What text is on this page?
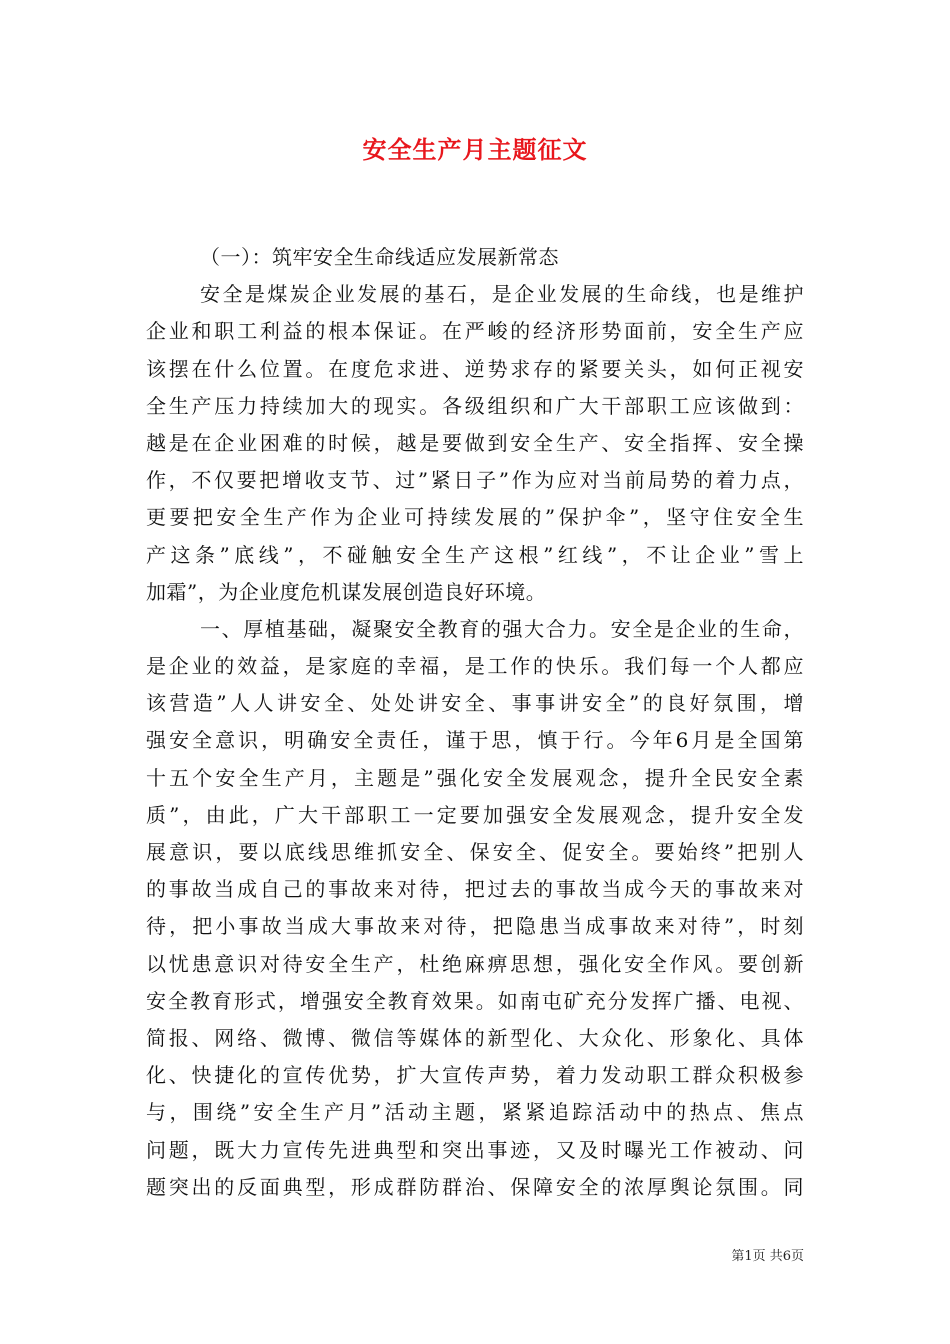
安全生产月主题征文
（一）：筑牢安全生命线适应发展新常态
安全是煤炭企业发展的基石，是企业发展的生命线，也是维护
企业和职工利益的根本保证。在严峻的经济形势面前，安全生产应
该摆在什么位置。在度危求进、逆势求存的紧要关头，如何正视安
全生产压力持续加大的现实。各级组织和广大干部职工应该做到：
越是在企业困难的时候，越是要做到安全生产、安全指挥、安全操
作，不仅要把增收支节、过”紧日子”作为应对当前局势的着力点，
更要把安全生产作为企业可持续发展的”保护伞”，坚守住安全生
产这条”底线”，不碰触安全生产这根”红线”，不让企业”雪上
加霜”，为企业度危机谋发展创造良好环境。
一、厚植基础，凝聚安全教育的强大合力。安全是企业的生命，
是企业的效益，是家庭的幸福，是工作的快乐。我们每一个人都应
该营造”人人讲安全、处处讲安全、事事讲安全”的良好氛围，增
强安全意识，明确安全责任，谨于思，慎于行。今年6月是全国第
十五个安全生产月，主题是”强化安全发展观念，提升全民安全素
质”，由此，广大干部职工一定要加强安全发展观念，提升安全发
展意识，要以底线思维抓安全、保安全、促安全。要始终”把别人
的事故当成自己的事故来对待，把过去的事故当成今天的事故来对
待，把小事故当成大事故来对待，把隐患当成事故来对待”，时刻
以忧患意识对待安全生产，杜绝麻痹思想，强化安全作风。要创新
安全教育形式，增强安全教育效果。如南屯矿充分发挥广播、电视、
简报、网络、微博、微信等媒体的新型化、大众化、形象化、具体
化、快捷化的宣传优势，扩大宣传声势，着力发动职工群众积极参
与，围绕”安全生产月”活动主题，紧紧追踪活动中的热点、焦点
问题，既大力宣传先进典型和突出事迹，又及时曝光工作被动、问
题突出的反面典型，形成群防群治、保障安全的浓厚舆论氛围。同
第1页 共6页
